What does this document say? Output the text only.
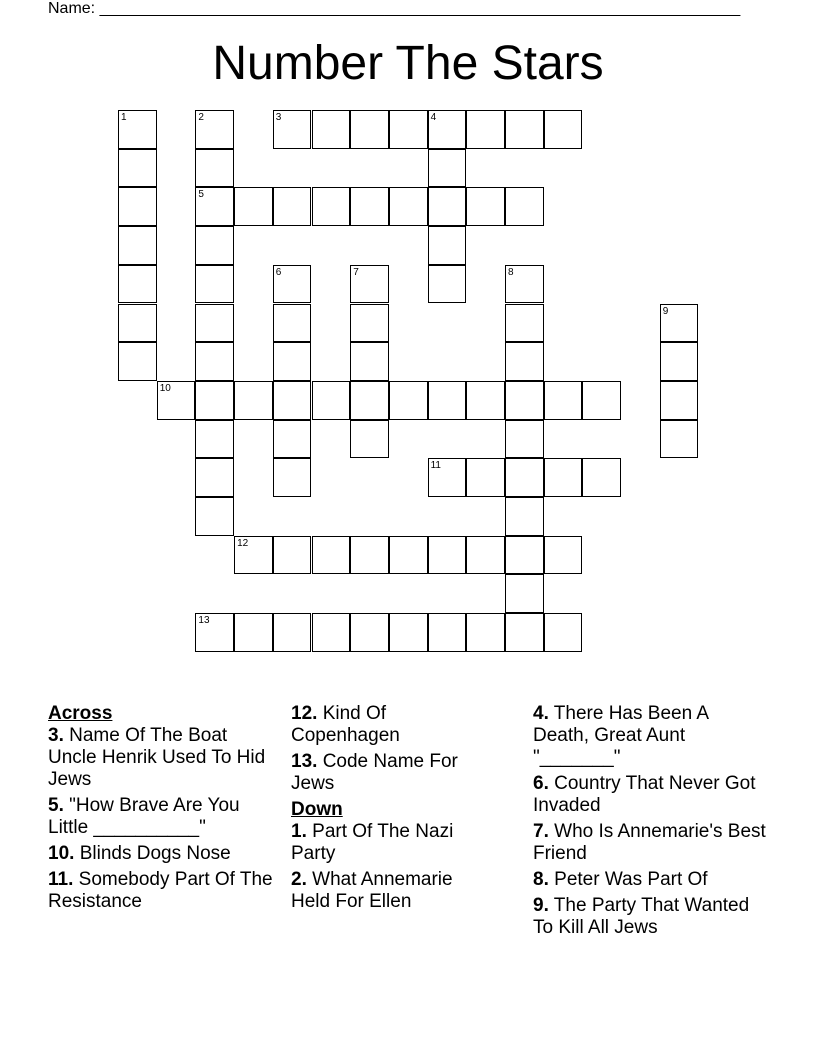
Name: ________________________________________________________________________
Number The Stars
1	2
5
3	4
6	7	8
9
10
11
12
13
Across
3. Name Of The Boat Uncle Henrik Used To Hid Jews
5. "How Brave Are You Little __________"
10. Blinds Dogs Nose
11. Somebody Part Of The Resistance
12. Kind Of Copenhagen
13. Code Name For Jews
Down
1. Part Of The Nazi Party
2. What Annemarie Held For Ellen
4. There Has Been A Death, Great Aunt "_______"
6. Country That Never Got Invaded
7. Who Is Annemarie's Best Friend
8. Peter Was Part Of
9. The Party That Wanted To Kill All Jews
